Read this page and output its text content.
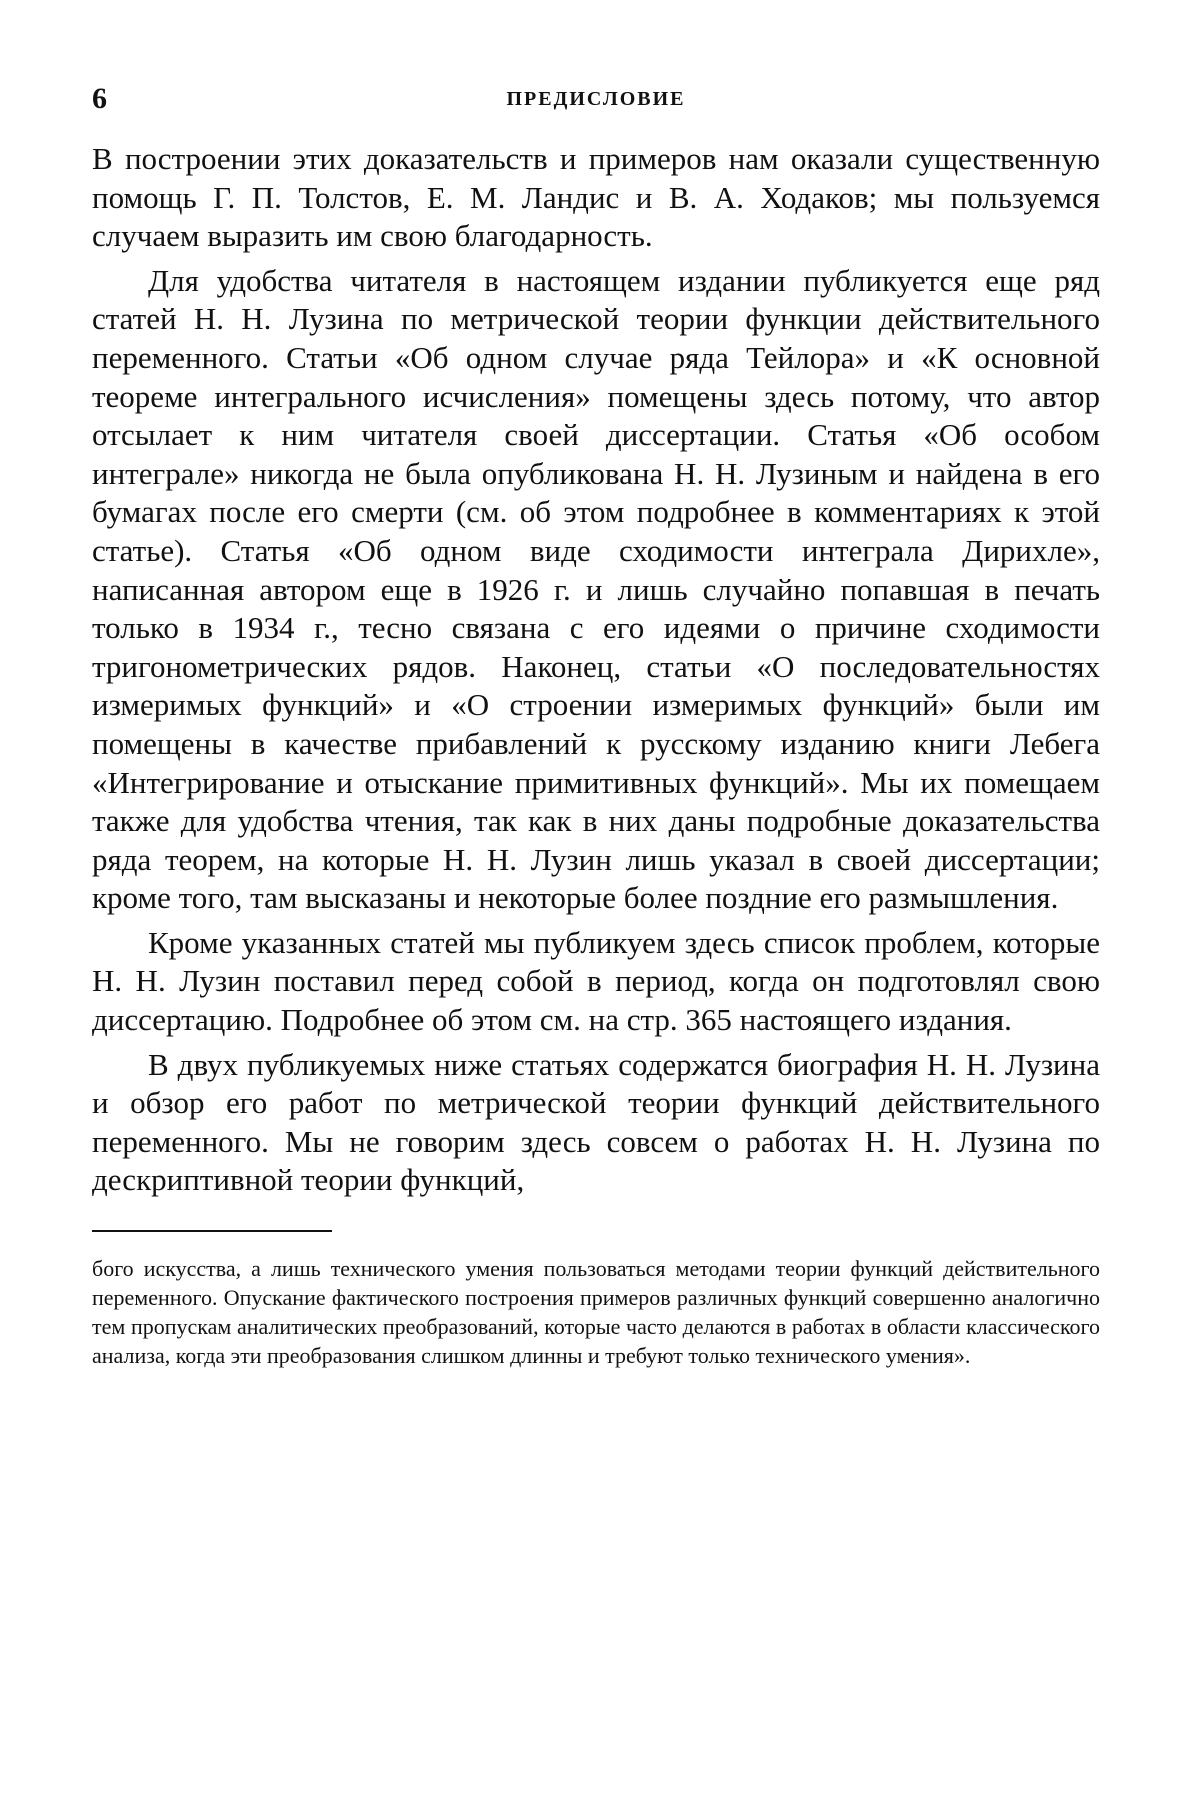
6	ПРЕДИСЛОВИЕ

В построении этих доказательств и примеров нам оказали существенную помощь Г. П. Толстов, Е. М. Ландис и В. А. Ходаков; мы пользуемся случаем выразить им свою благодарность.

Для удобства читателя в настоящем издании публикуется еще ряд статей Н. Н. Лузина по метрической теории функции действительного переменного. Статьи «Об одном случае ряда Тейлора» и «К основной теореме интегрального исчисления» помещены здесь потому, что автор отсылает к ним читателя своей диссертации. Статья «Об особом интеграле» никогда не была опубликована Н. Н. Лузиным и найдена в его бумагах после его смерти (см. об этом подробнее в комментариях к этой статье). Статья «Об одном виде сходимости интеграла Дирихле», написанная автором еще в 1926 г. и лишь случайно попавшая в печать только в 1934 г., тесно связана с его идеями о причине сходимости тригонометрических рядов. Наконец, статьи «О последовательностях измеримых функций» и «О строении измеримых функций» были им помещены в качестве прибавлений к русскому изданию книги Лебега «Интегрирование и отыскание примитивных функций». Мы их помещаем также для удобства чтения, так как в них даны подробные доказательства ряда теорем, на которые Н. Н. Лузин лишь указал в своей диссертации; кроме того, там высказаны и некоторые более поздние его размышления.

Кроме указанных статей мы публикуем здесь список проблем, которые Н. Н. Лузин поставил перед собой в период, когда он подготовлял свою диссертацию. Подробнее об этом см. на стр. 365 настоящего издания.

В двух публикуемых ниже статьях содержатся биография Н. Н. Лузина и обзор его работ по метрической теории функций действительного переменного. Мы не говорим здесь совсем о работах Н. Н. Лузина по дескриптивной теории функций,

бого искусства, а лишь технического умения пользоваться методами теории функций действительного переменного. Опускание фактического построения примеров различных функций совершенно аналогично тем пропускам аналитических преобразований, которые часто делаются в работах в области классического анализа, когда эти преобразования слишком длинны и требуют только технического умения».
